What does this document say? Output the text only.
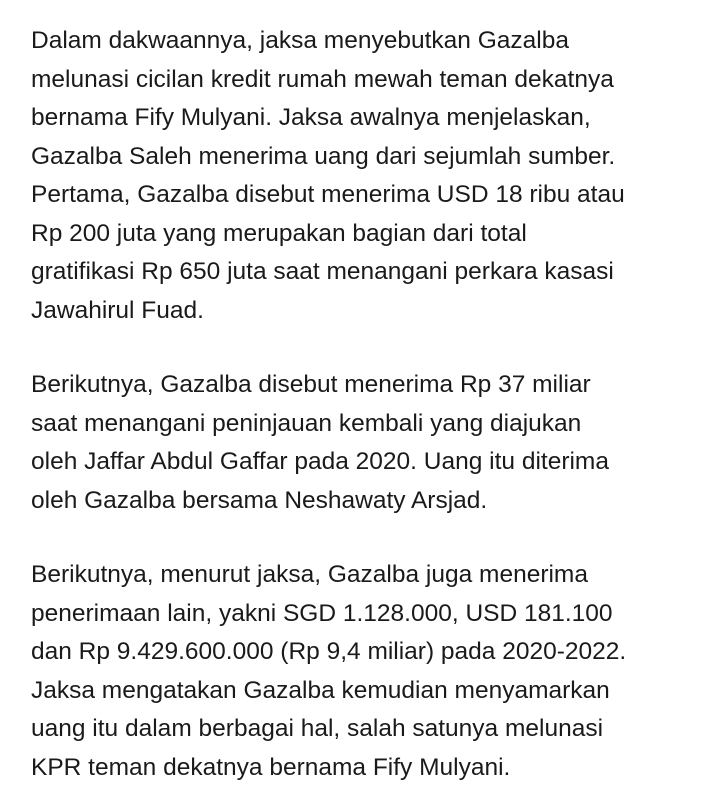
Dalam dakwaannya, jaksa menyebutkan Gazalba
melunasi cicilan kredit rumah mewah teman dekatnya
bernama Fify Mulyani. Jaksa awalnya menjelaskan,
Gazalba Saleh menerima uang dari sejumlah sumber.
Pertama, Gazalba disebut menerima USD 18 ribu atau
Rp 200 juta yang merupakan bagian dari total
gratifikasi Rp 650 juta saat menangani perkara kasasi
Jawahirul Fuad.

Berikutnya, Gazalba disebut menerima Rp 37 miliar
saat menangani peninjauan kembali yang diajukan
oleh Jaffar Abdul Gaffar pada 2020. Uang itu diterima
oleh Gazalba bersama Neshawaty Arsjad.

Berikutnya, menurut jaksa, Gazalba juga menerima
penerimaan lain, yakni SGD 1.128.000, USD 181.100
dan Rp 9.429.600.000 (Rp 9,4 miliar) pada 2020-2022.
Jaksa mengatakan Gazalba kemudian menyamarkan
uang itu dalam berbagai hal, salah satunya melunasi
KPR teman dekatnya bernama Fify Mulyani.
